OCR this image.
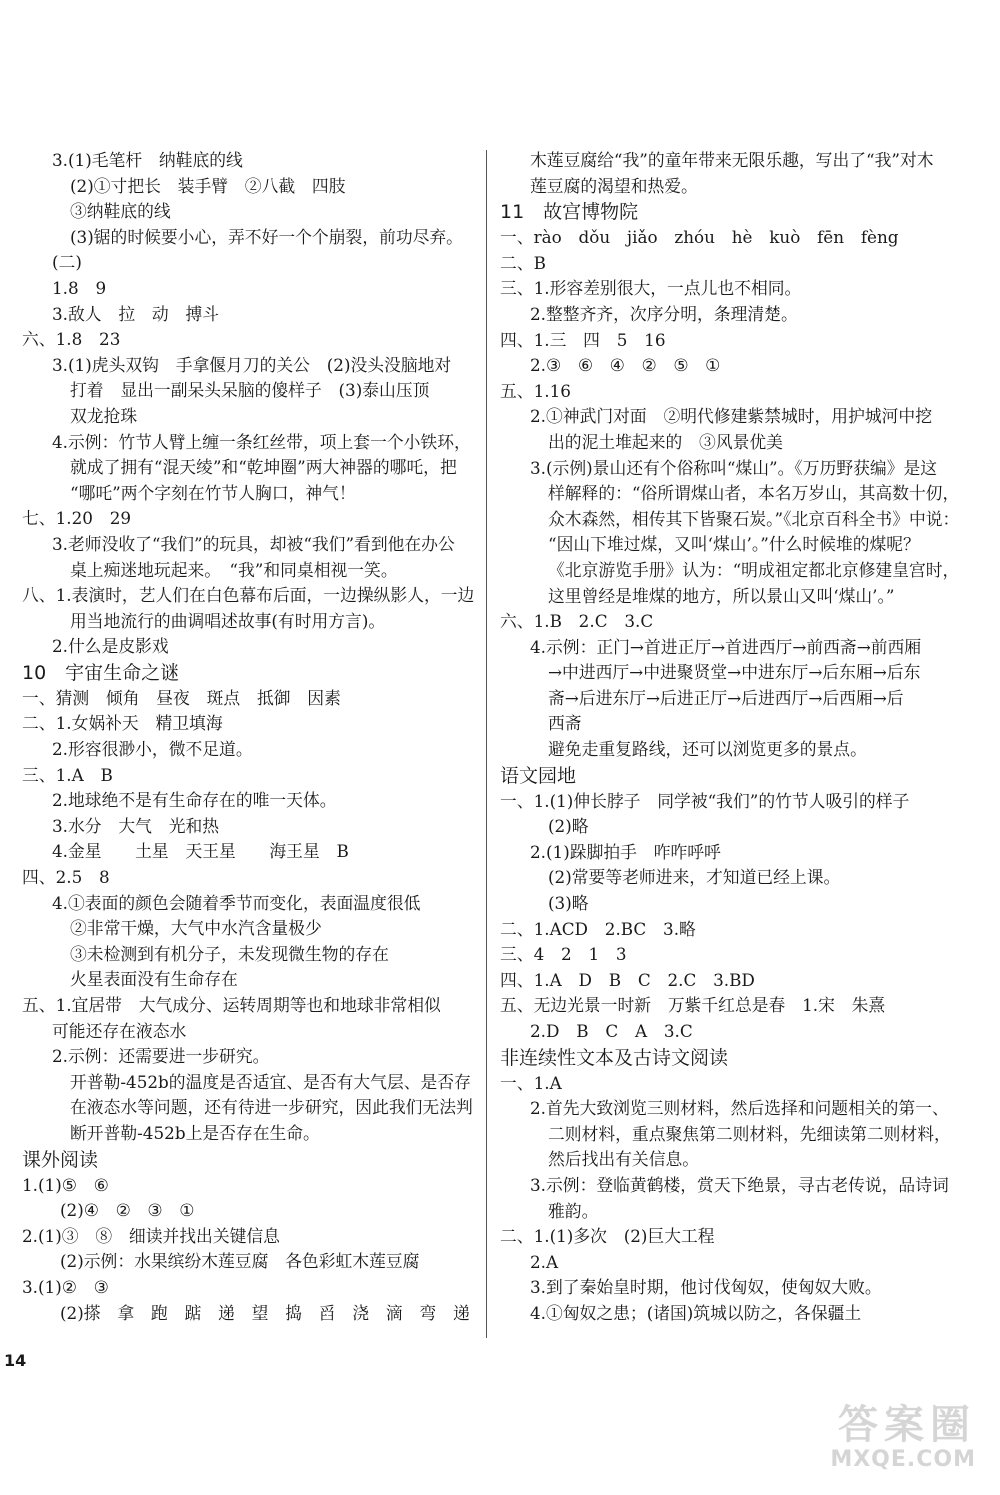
3.(1)毛笔杆　纳鞋底的线
(2)①寸把长　装手臂　②八截　四肢
③纳鞋底的线
(3)锯的时候要小心，弄不好一个个崩裂，前功尽弃。
(二)
1.8　9
3.敌人　拉　动　搏斗
六、1.8　23
3.(1)虎头双钩　手拿偃月刀的关公　(2)没头没脑地对
打着　显出一副呆头呆脑的傻样子　(3)泰山压顶
双龙抢珠
4.示例：竹节人臂上缠一条红丝带，项上套一个小铁环，
就成了拥有“混天绫”和“乾坤圈”两大神器的哪吒，把
“哪吒”两个字刻在竹节人胸口，神气！
七、1.20　29
3.老师没收了“我们”的玩具，却被“我们”看到他在办公
桌上痴迷地玩起来。　“我”和同桌相视一笑。
八、1.表演时，艺人们在白色幕布后面，一边操纵影人，一边
用当地流行的曲调唱述故事(有时用方言)。
2.什么是皮影戏
10　宇宙生命之谜
一、猜测　倾角　昼夜　斑点　抵御　因素
二、1.女娲补天　精卫填海
2.形容很渺小，微不足道。
三、1.A　B
2.地球绝不是有生命存在的唯一天体。
3.水分　大气　光和热
4.金星　　土星　天王星　　海王星　B
四、2.5　8
4.①表面的颜色会随着季节而变化，表面温度很低
②非常干燥，大气中水汽含量极少
③未检测到有机分子，未发现微生物的存在
火星表面没有生命存在
五、1.宜居带　大气成分、运转周期等也和地球非常相似
可能还存在液态水
2.示例：还需要进一步研究。
开普勒-452b的温度是否适宜、是否有大气层、是否存
在液态水等问题，还有待进一步研究，因此我们无法判
断开普勒-452b上是否存在生命。
课外阅读
1.(1)⑤　⑥
(2)④　②　③　①
2.(1)③　⑧　细读并找出关键信息
(2)示例：水果缤纷木莲豆腐　各色彩虹木莲豆腐
3.(1)②　③
(2)搽　拿　跑　踮　递　望　捣　舀　浇　滴　弯　递
木莲豆腐给“我”的童年带来无限乐趣，写出了“我”对木
莲豆腐的渴望和热爱。
11　故宫博物院
一、rào　dǒu　jiǎo　zhóu　hè　kuò　fēn　fèng
二、B
三、1.形容差别很大，一点儿也不相同。
2.整整齐齐，次序分明，条理清楚。
四、1.三　四　5　16
2.③　⑥　④　②　⑤　①
五、1.16
2.①神武门对面　②明代修建紫禁城时，用护城河中挖
出的泥土堆起来的　③风景优美
3.(示例)景山还有个俗称叫“煤山”。《万历野获编》是这
样解释的：“俗所谓煤山者，本名万岁山，其高数十仞，
众木森然，相传其下皆聚石炭。”《北京百科全书》中说：
“因山下堆过煤，又叫‘煤山’。”什么时候堆的煤呢？
《北京游览手册》认为：“明成祖定都北京修建皇宫时，
这里曾经是堆煤的地方，所以景山又叫‘煤山’。”
六、1.B　2.C　3.C
4.示例：正门→首进正厅→首进西厅→前西斋→前西厢
→中进西厅→中进聚贤堂→中进东厅→后东厢→后东
斋→后进东厅→后进正厅→后进西厅→后西厢→后
西斋
避免走重复路线，还可以浏览更多的景点。
语文园地
一、1.(1)伸长脖子　同学被“我们”的竹节人吸引的样子
(2)略
2.(1)跺脚拍手　咋咋呼呼
(2)常要等老师进来，才知道已经上课。
(3)略
二、1.ACD　2.BC　3.略
三、4　2　1　3
四、1.A　D　B　C　2.C　3.BD
五、无边光景一时新　万紫千红总是春　1.宋　朱熹
2.D　B　C　A　3.C
非连续性文本及古诗文阅读
一、1.A
2.首先大致浏览三则材料，然后选择和问题相关的第一、
二则材料，重点聚焦第二则材料，先细读第二则材料，
然后找出有关信息。
3.示例：登临黄鹤楼，赏天下绝景，寻古老传说，品诗词
雅韵。
二、1.(1)多次　(2)巨大工程
2.A
3.到了秦始皇时期，他讨伐匈奴，使匈奴大败。
4.①匈奴之患；(诸国)筑城以防之，各保疆土
14
答案圈
MXQE.COM
